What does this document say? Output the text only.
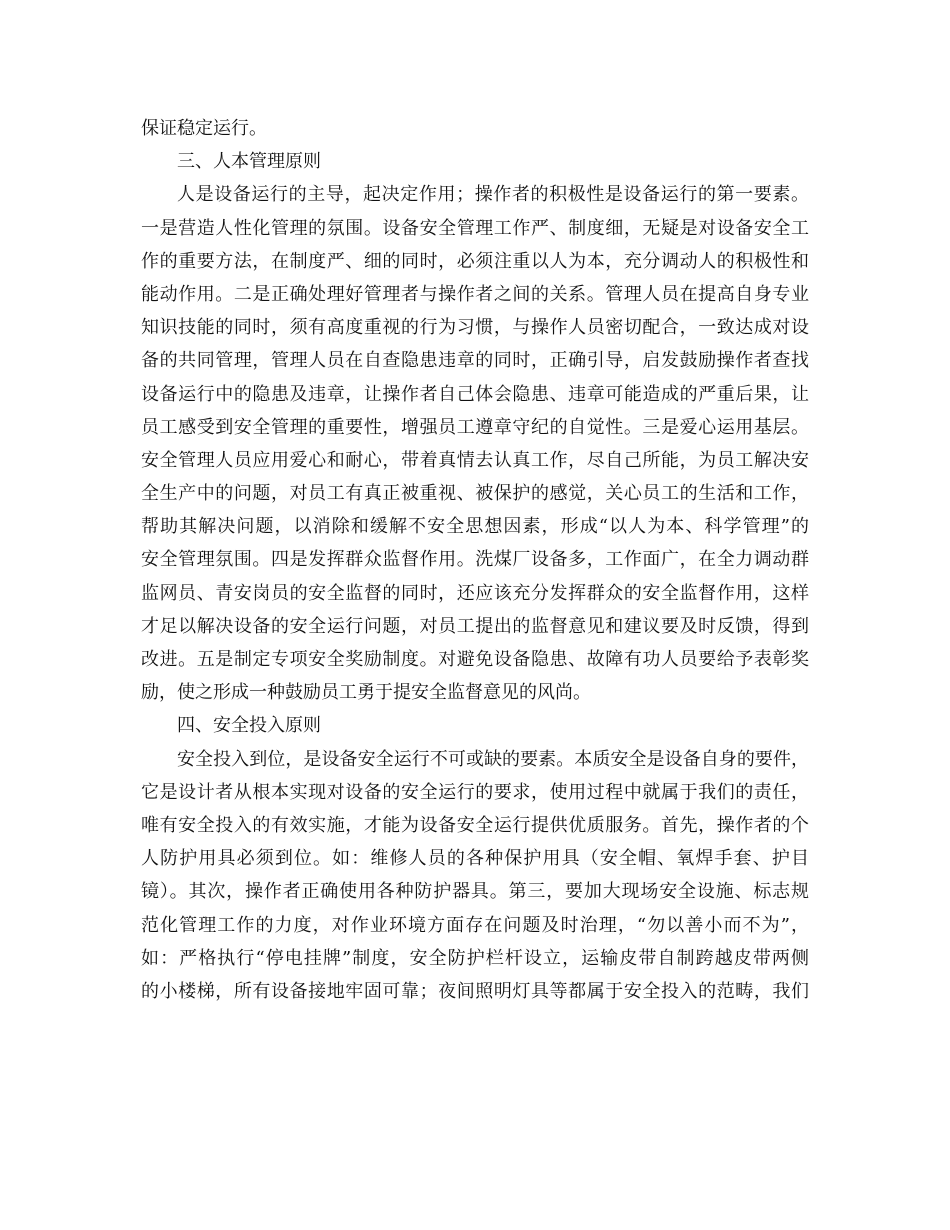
保证稳定运行。
三、人本管理原则
人是设备运行的主导，起决定作用；操作者的积极性是设备运行的第一要素。
一是营造人性化管理的氛围。设备安全管理工作严、制度细，无疑是对设备安全工
作的重要方法，在制度严、细的同时，必须注重以人为本，充分调动人的积极性和
能动作用。二是正确处理好管理者与操作者之间的关系。管理人员在提高自身专业
知识技能的同时，须有高度重视的行为习惯，与操作人员密切配合，一致达成对设
备的共同管理，管理人员在自查隐患违章的同时，正确引导，启发鼓励操作者查找
设备运行中的隐患及违章，让操作者自己体会隐患、违章可能造成的严重后果，让
员工感受到安全管理的重要性，增强员工遵章守纪的自觉性。三是爱心运用基层。
安全管理人员应用爱心和耐心，带着真情去认真工作，尽自己所能，为员工解决安
全生产中的问题，对员工有真正被重视、被保护的感觉，关心员工的生活和工作，
帮助其解决问题，以消除和缓解不安全思想因素，形成“以人为本、科学管理”的
安全管理氛围。四是发挥群众监督作用。洗煤厂设备多，工作面广，在全力调动群
监网员、青安岗员的安全监督的同时，还应该充分发挥群众的安全监督作用，这样
才足以解决设备的安全运行问题，对员工提出的监督意见和建议要及时反馈，得到
改进。五是制定专项安全奖励制度。对避免设备隐患、故障有功人员要给予表彰奖
励，使之形成一种鼓励员工勇于提安全监督意见的风尚。
四、安全投入原则
安全投入到位，是设备安全运行不可或缺的要素。本质安全是设备自身的要件，
它是设计者从根本实现对设备的安全运行的要求，使用过程中就属于我们的责任，
唯有安全投入的有效实施，才能为设备安全运行提供优质服务。首先，操作者的个
人防护用具必须到位。如：维修人员的各种保护用具（安全帽、氧焊手套、护目
镜）。其次，操作者正确使用各种防护器具。第三，要加大现场安全设施、标志规
范化管理工作的力度，对作业环境方面存在问题及时治理，“勿以善小而不为”，
如：严格执行“停电挂牌”制度，安全防护栏杆设立，运输皮带自制跨越皮带两侧
的小楼梯，所有设备接地牢固可靠；夜间照明灯具等都属于安全投入的范畴，我们
